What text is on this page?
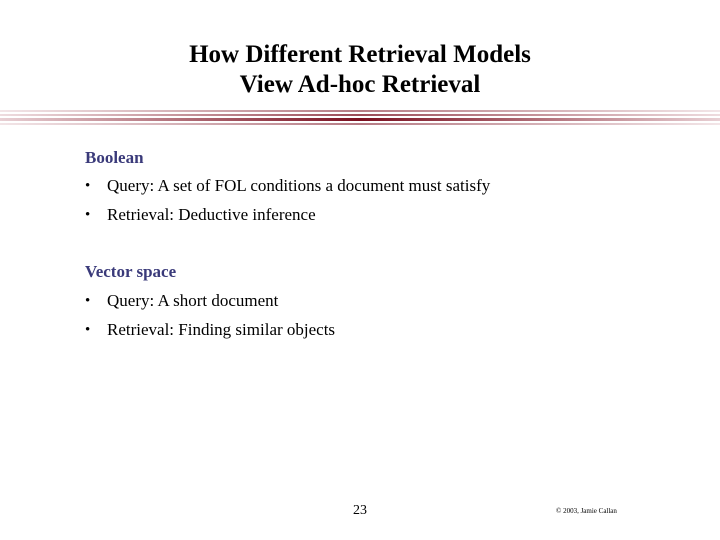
How Different Retrieval Models
View Ad-hoc Retrieval
Boolean
• Query: A set of FOL conditions a document must satisfy
• Retrieval: Deductive inference
Vector space
• Query: A short document
• Retrieval: Finding similar objects
23	© 2003, Jamie Callan
